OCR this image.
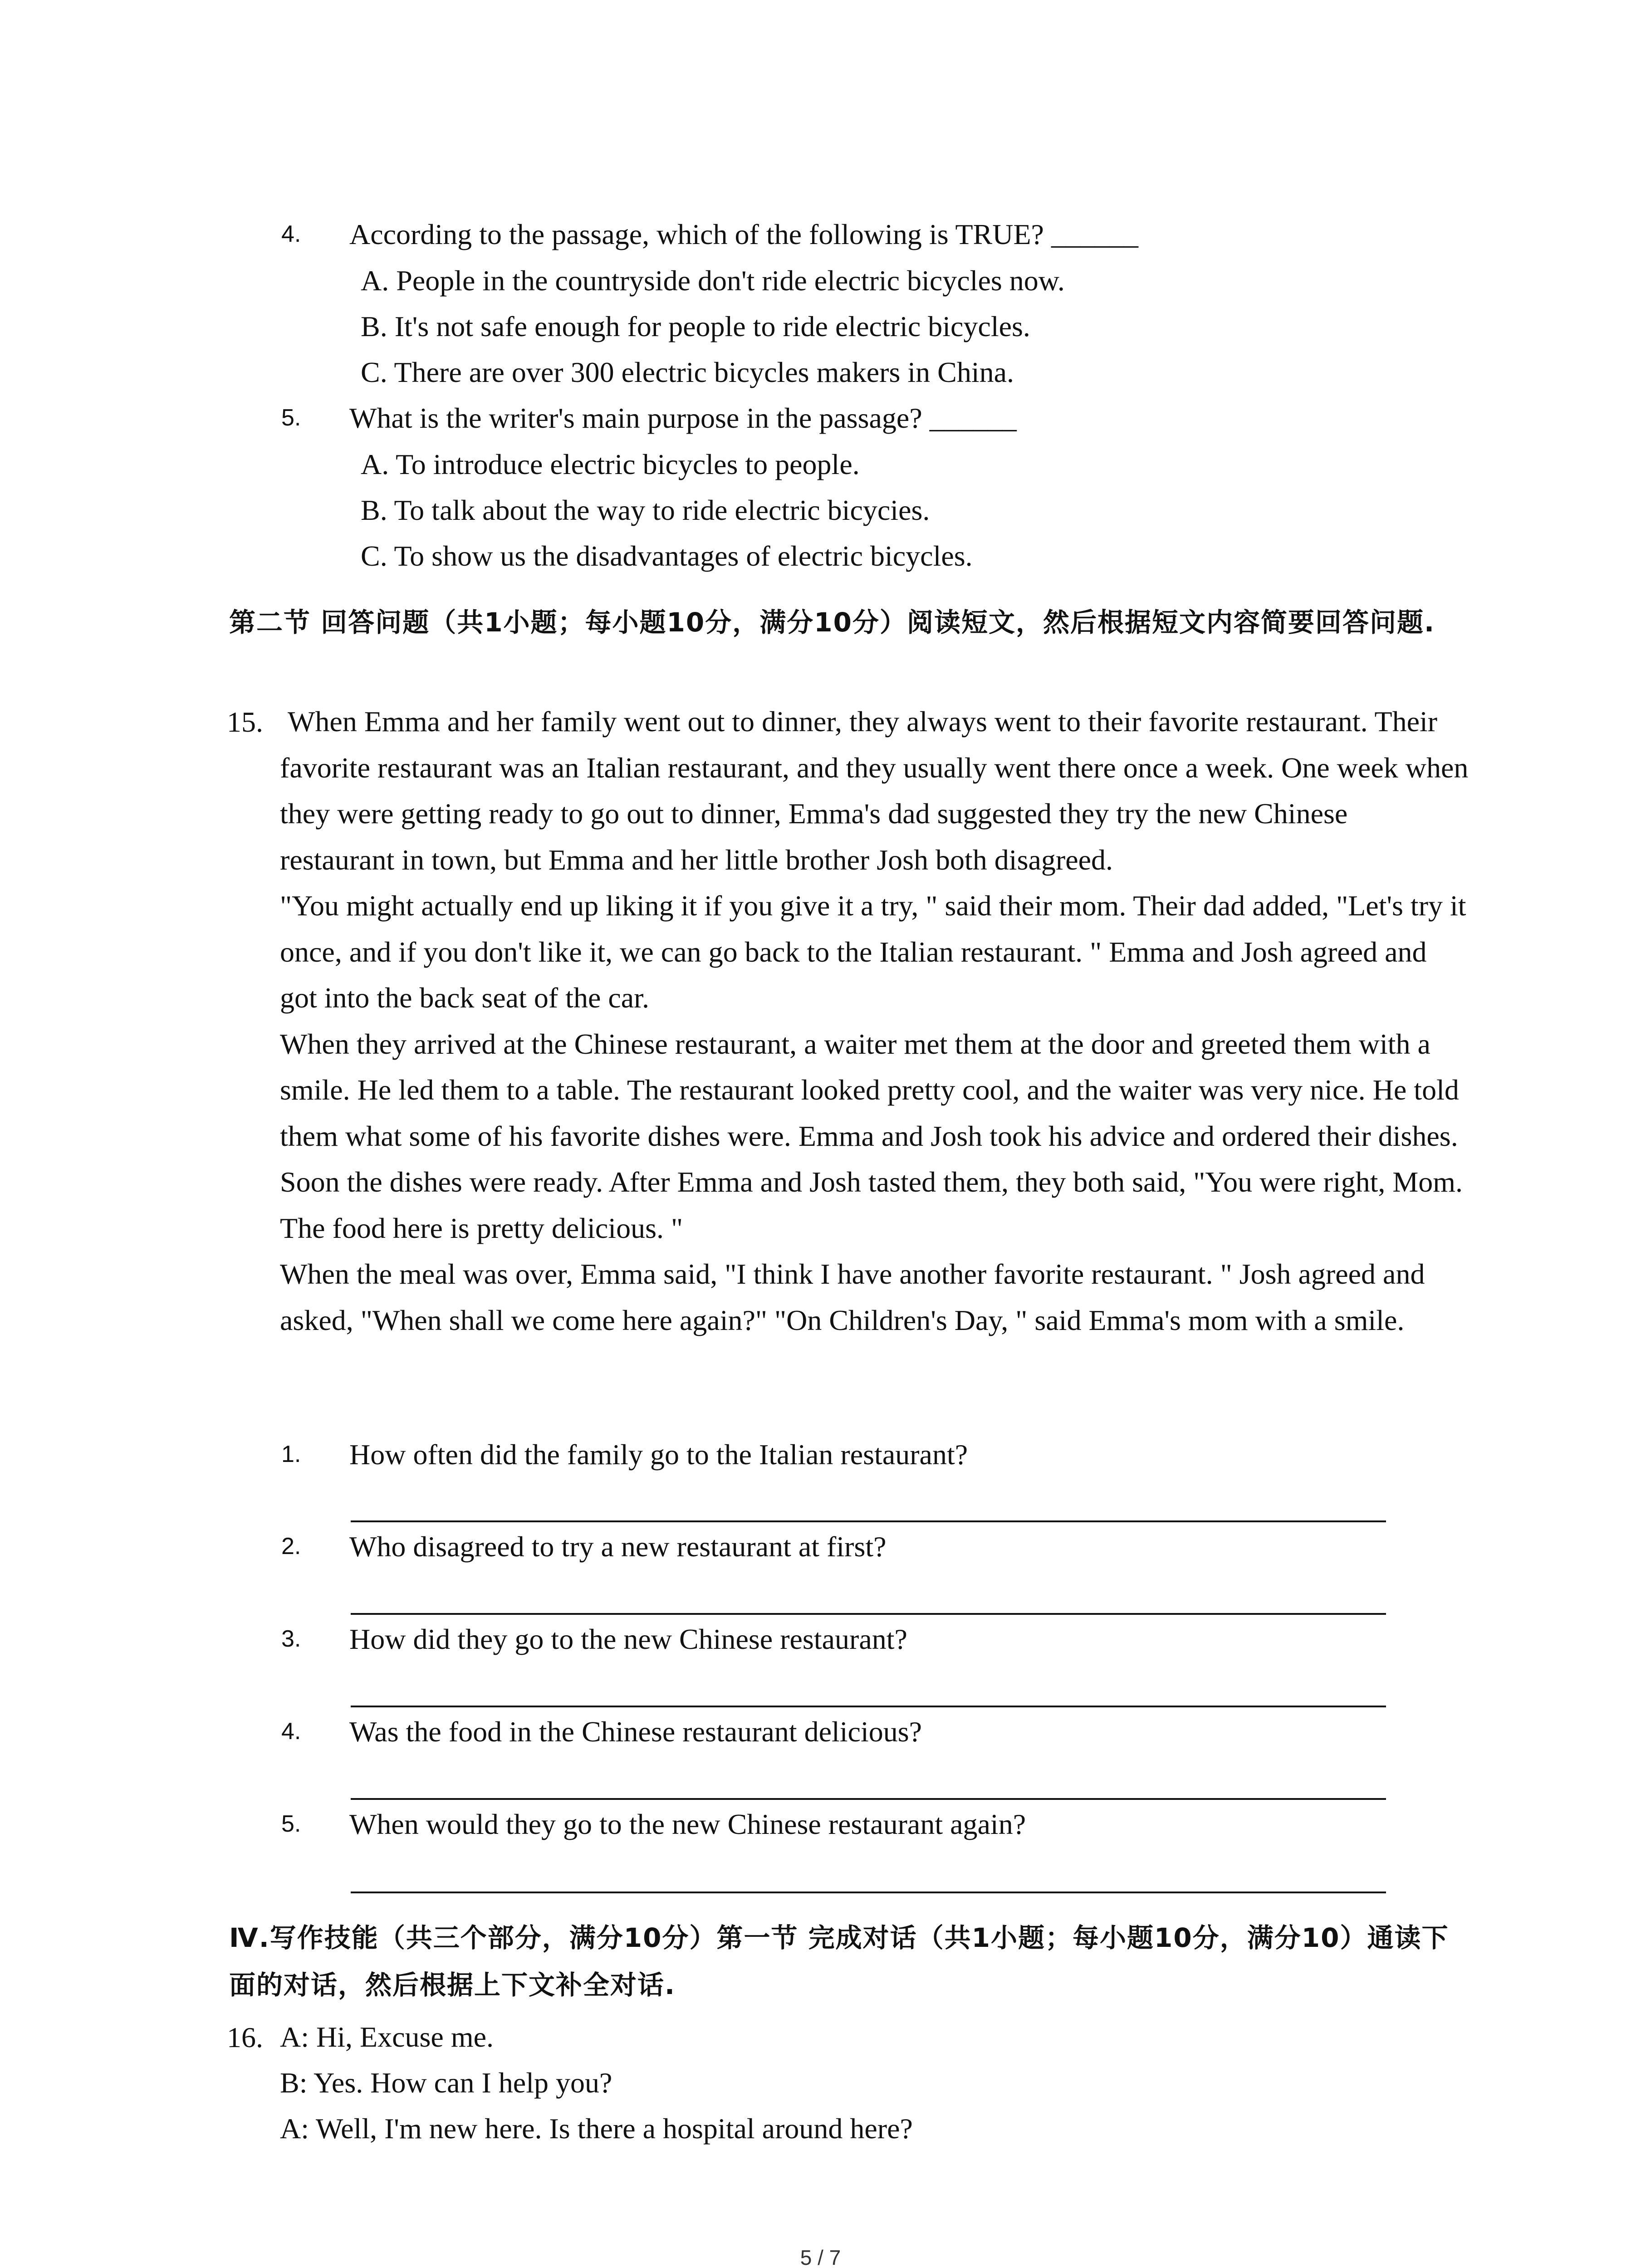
4. According to the passage, which of the following is TRUE? ______
A. People in the countryside don't ride electric bicycles now.
B. It's not safe enough for people to ride electric bicycles.
C. There are over 300 electric bicycles makers in China.
5. What is the writer's main purpose in the passage? ______
A. To introduce electric bicycles to people.
B. To talk about the way to ride electric bicycies.
C. To show us the disadvantages of electric bicycles.
第二节 回答问题（共1小题；每小题10分，满分10分）阅读短文，然后根据短文内容简要回答问题.
15. When Emma and her family went out to dinner, they always went to their favorite restaurant. Their favorite restaurant was an Italian restaurant, and they usually went there once a week. One week when they were getting ready to go out to dinner, Emma's dad suggested they try the new Chinese restaurant in town, but Emma and her little brother Josh both disagreed.

"You might actually end up liking it if you give it a try, " said their mom. Their dad added, "Let's try it once, and if you don't like it, we can go back to the Italian restaurant. " Emma and Josh agreed and got into the back seat of the car.

When they arrived at the Chinese restaurant, a waiter met them at the door and greeted them with a smile. He led them to a table. The restaurant looked pretty cool, and the waiter was very nice. He told them what some of his favorite dishes were. Emma and Josh took his advice and ordered their dishes. Soon the dishes were ready. After Emma and Josh tasted them, they both said, "You were right, Mom. The food here is pretty delicious. "

When the meal was over, Emma said, "I think I have another favorite restaurant. " Josh agreed and asked, "When shall we come here again?" "On Children's Day, " said Emma's mom with a smile.

1. How often did the family go to the Italian restaurant?
2. Who disagreed to try a new restaurant at first?
3. How did they go to the new Chinese restaurant?
4. Was the food in the Chinese restaurant delicious?
5. When would they go to the new Chinese restaurant again?
Ⅳ.写作技能（共三个部分，满分10分）第一节 完成对话（共1小题；每小题10分，满分10）通读下面的对话，然后根据上下文补全对话.
16. A: Hi, Excuse me.

B: Yes. How can I help you?

A: Well, I'm new here. Is there a hospital around here?

5 / 7
